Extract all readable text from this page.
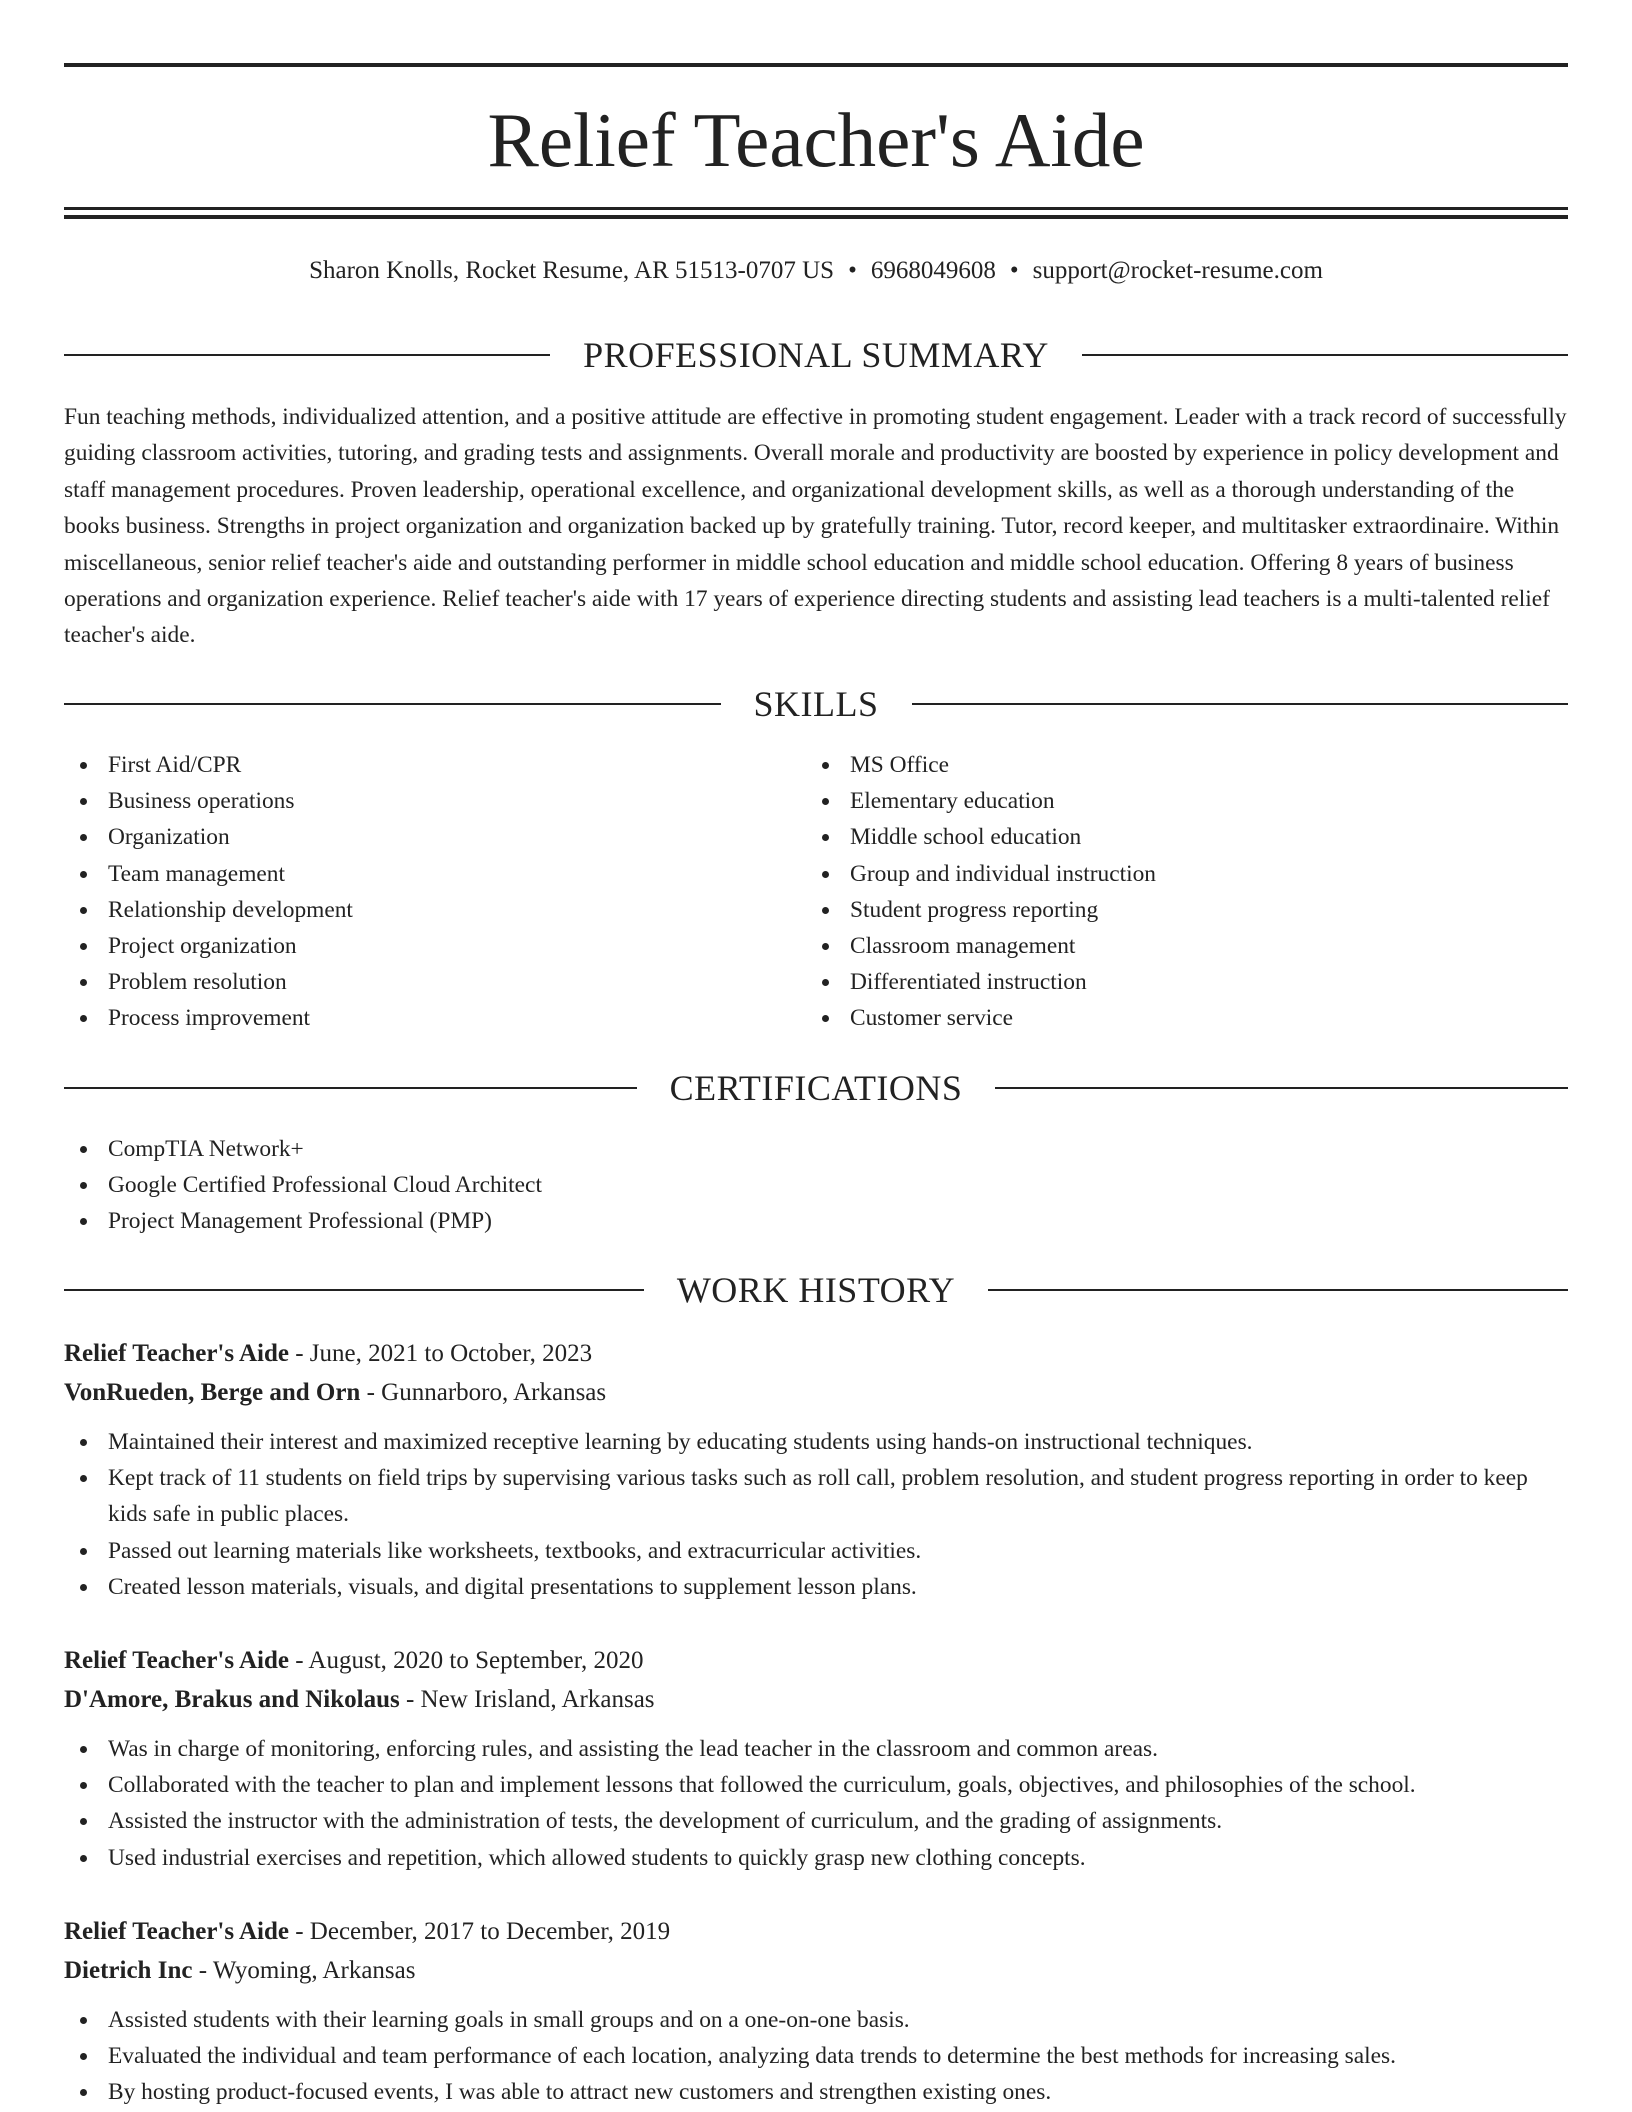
Relief Teacher's Aide
Sharon Knolls, Rocket Resume, AR 51513-0707 US • 6968049608 • support@rocket-resume.com
PROFESSIONAL SUMMARY

Fun teaching methods, individualized attention, and a positive attitude are effective in promoting student engagement. Leader with a track record of successfully guiding classroom activities, tutoring, and grading tests and assignments. Overall morale and productivity are boosted by experience in policy development and staff management procedures. Proven leadership, operational excellence, and organizational development skills, as well as a thorough understanding of the books business. Strengths in project organization and organization backed up by gratefully training. Tutor, record keeper, and multitasker extraordinaire. Within miscellaneous, senior relief teacher's aide and outstanding performer in middle school education and middle school education. Offering 8 years of business operations and organization experience. Relief teacher's aide with 17 years of experience directing students and assisting lead teachers is a multi-talented relief teacher's aide.

SKILLS
First Aid/CPR
Business operations
Organization
Team management
Relationship development
Project organization
Problem resolution
Process improvement
MS Office
Elementary education
Middle school education
Group and individual instruction
Student progress reporting
Classroom management
Differentiated instruction
Customer service
CERTIFICATIONS
CompTIA Network+
Google Certified Professional Cloud Architect
Project Management Professional (PMP)
WORK HISTORY
Relief Teacher's Aide - June, 2021 to October, 2023
VonRueden, Berge and Orn - Gunnarboro, Arkansas
Maintained their interest and maximized receptive learning by educating students using hands-on instructional techniques.
Kept track of 11 students on field trips by supervising various tasks such as roll call, problem resolution, and student progress reporting in order to keep kids safe in public places.
Passed out learning materials like worksheets, textbooks, and extracurricular activities.
Created lesson materials, visuals, and digital presentations to supplement lesson plans.
Relief Teacher's Aide - August, 2020 to September, 2020
D'Amore, Brakus and Nikolaus - New Irisland, Arkansas
Was in charge of monitoring, enforcing rules, and assisting the lead teacher in the classroom and common areas.
Collaborated with the teacher to plan and implement lessons that followed the curriculum, goals, objectives, and philosophies of the school.
Assisted the instructor with the administration of tests, the development of curriculum, and the grading of assignments.
Used industrial exercises and repetition, which allowed students to quickly grasp new clothing concepts.
Relief Teacher's Aide - December, 2017 to December, 2019
Dietrich Inc - Wyoming, Arkansas
Assisted students with their learning goals in small groups and on a one-on-one basis.
Evaluated the individual and team performance of each location, analyzing data trends to determine the best methods for increasing sales.
By hosting product-focused events, I was able to attract new customers and strengthen existing ones.
